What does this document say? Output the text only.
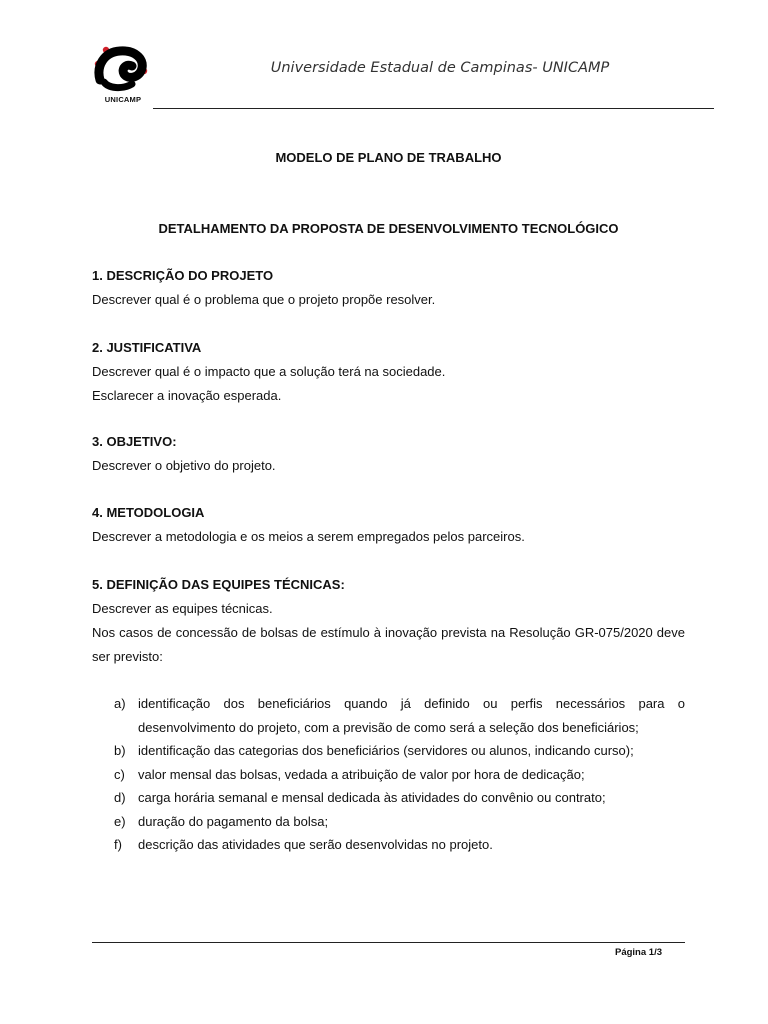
UNICAMP
Universidade Estadual de Campinas- UNICAMP
MODELO DE PLANO DE TRABALHO
DETALHAMENTO DA PROPOSTA DE DESENVOLVIMENTO TECNOLÓGICO
1. DESCRIÇÃO DO PROJETO

Descrever qual é o problema que o projeto propõe resolver.

2. JUSTIFICATIVA

Descrever qual é o impacto que a solução terá na sociedade.

Esclarecer a inovação esperada.

3. OBJETIVO:

Descrever o objetivo do projeto.

4. METODOLOGIA

Descrever a metodologia e os meios a serem empregados pelos parceiros.

5. DEFINIÇÃO DAS EQUIPES TÉCNICAS:

Descrever as equipes técnicas.

Nos casos de concessão de bolsas de estímulo à inovação prevista na Resolução GR-075/2020 deve ser previsto:

a) identificação dos beneficiários quando já definido ou perfis necessários para o desenvolvimento do projeto, com a previsão de como será a seleção dos beneficiários;
b) identificação das categorias dos beneficiários (servidores ou alunos, indicando curso);
c) valor mensal das bolsas, vedada a atribuição de valor por hora de dedicação;
d) carga horária semanal e mensal dedicada às atividades do convênio ou contrato;
e) duração do pagamento da bolsa;
f) descrição das atividades que serão desenvolvidas no projeto.
Página 1/3
